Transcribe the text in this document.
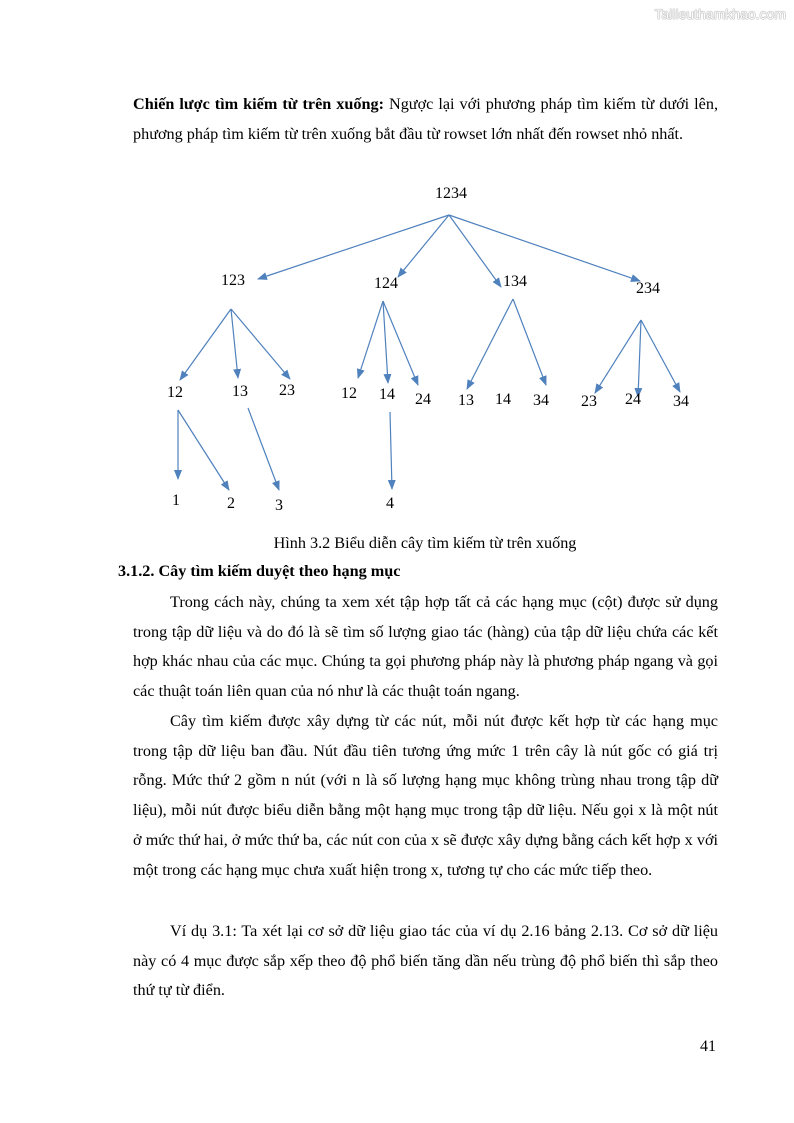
Tailieuthamkhao.com

Chiến lược tìm kiếm từ trên xuống: Ngược lại với phương pháp tìm kiếm từ dưới lên, phương pháp tìm kiếm từ trên xuống bắt đầu từ rowset lớn nhất đến rowset nhỏ nhất.

1234
123	124	134	234
12	13 23	12 14 24 13 14 34 23 24 34
1	2	3	4

Hình 3.2 Biểu diễn cây tìm kiếm từ trên xuống

3.1.2. Cây tìm kiếm duyệt theo hạng mục

Trong cách này, chúng ta xem xét tập hợp tất cả các hạng mục (cột) được sử dụng trong tập dữ liệu và do đó là sẽ tìm số lượng giao tác (hàng) của tập dữ liệu chứa các kết hợp khác nhau của các mục. Chúng ta gọi phương pháp này là phương pháp ngang và gọi các thuật toán liên quan của nó như là các thuật toán ngang.

Cây tìm kiếm được xây dựng từ các nút, mỗi nút được kết hợp từ các hạng mục trong tập dữ liệu ban đầu. Nút đầu tiên tương ứng mức 1 trên cây là nút gốc có giá trị rỗng. Mức thứ 2 gồm n nút (với n là số lượng hạng mục không trùng nhau trong tập dữ liệu), mỗi nút được biểu diễn bằng một hạng mục trong tập dữ liệu. Nếu gọi x là một nút ở mức thứ hai, ở mức thứ ba, các nút con của x sẽ được xây dựng bằng cách kết hợp x với một trong các hạng mục chưa xuất hiện trong x, tương tự cho các mức tiếp theo.

Ví dụ 3.1: Ta xét lại cơ sở dữ liệu giao tác của ví dụ 2.16 bảng 2.13. Cơ sở dữ liệu này có 4 mục được sắp xếp theo độ phổ biến tăng dần nếu trùng độ phổ biến thì sắp theo thứ tự từ điển.

41
